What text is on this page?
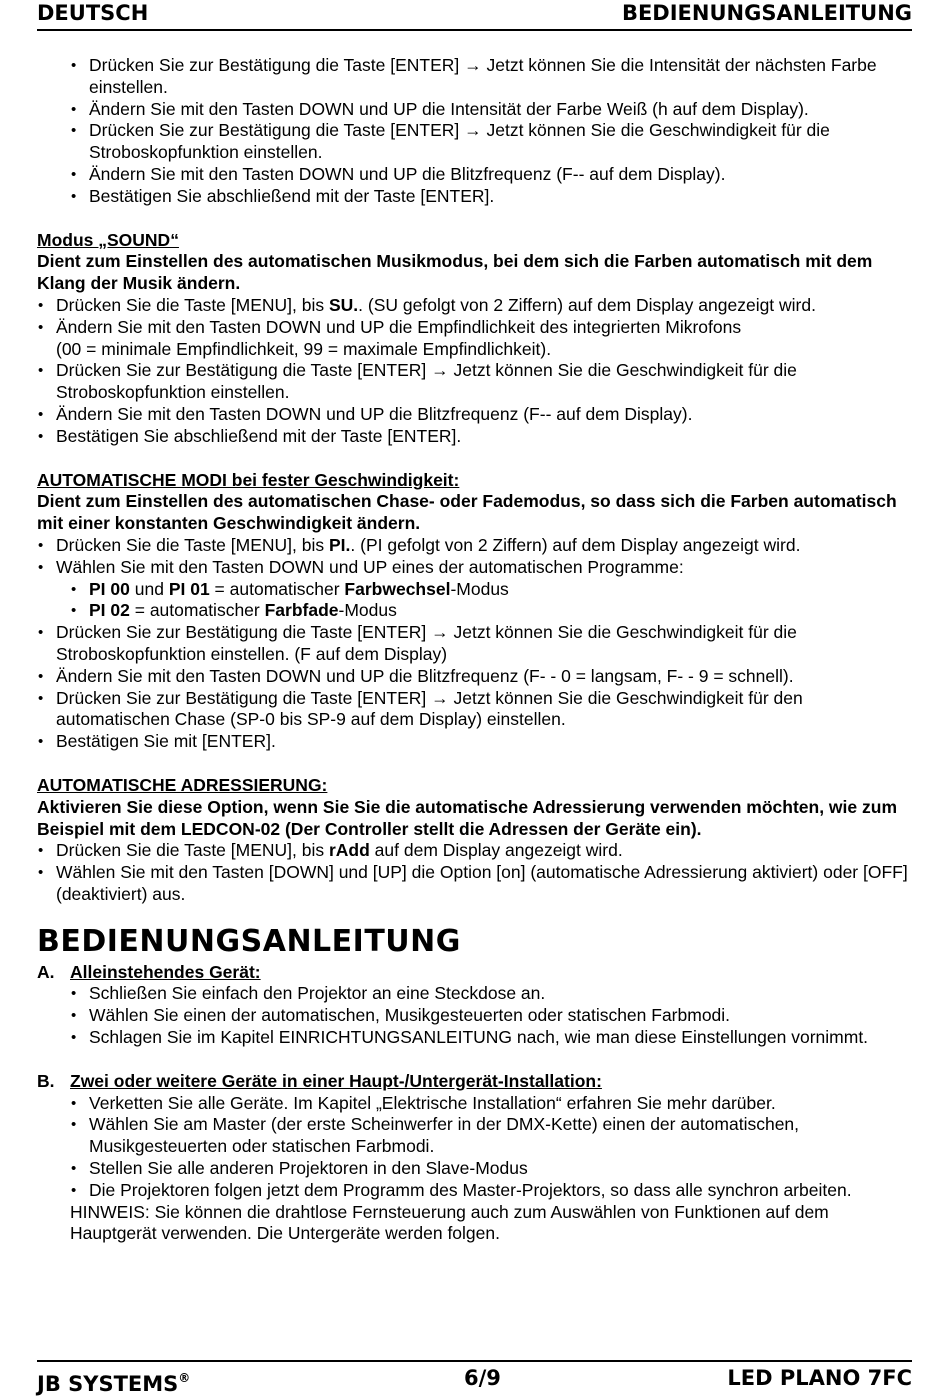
DEUTSCH	BEDIENUNGSANLEITUNG
• Drücken Sie zur Bestätigung die Taste [ENTER] → Jetzt können Sie die Intensität der nächsten Farbe einstellen.
• Ändern Sie mit den Tasten DOWN und UP die Intensität der Farbe Weiß (h auf dem Display).
• Drücken Sie zur Bestätigung die Taste [ENTER] → Jetzt können Sie die Geschwindigkeit für die Stroboskopfunktion einstellen.
• Ändern Sie mit den Tasten DOWN und UP die Blitzfrequenz (F-- auf dem Display).
• Bestätigen Sie abschließend mit der Taste [ENTER].
Modus „SOUND“
Dient zum Einstellen des automatischen Musikmodus, bei dem sich die Farben automatisch mit dem Klang der Musik ändern.
• Drücken Sie die Taste [MENU], bis SU.. (SU gefolgt von 2 Ziffern) auf dem Display angezeigt wird.
• Ändern Sie mit den Tasten DOWN und UP die Empfindlichkeit des integrierten Mikrofons
(00 = minimale Empfindlichkeit, 99 = maximale Empfindlichkeit).
• Drücken Sie zur Bestätigung die Taste [ENTER] → Jetzt können Sie die Geschwindigkeit für die Stroboskopfunktion einstellen.
• Ändern Sie mit den Tasten DOWN und UP die Blitzfrequenz (F-- auf dem Display).
• Bestätigen Sie abschließend mit der Taste [ENTER].
AUTOMATISCHE MODI bei fester Geschwindigkeit:
Dient zum Einstellen des automatischen Chase- oder Fademodus, so dass sich die Farben automatisch mit einer konstanten Geschwindigkeit ändern.
• Drücken Sie die Taste [MENU], bis PI.. (PI gefolgt von 2 Ziffern) auf dem Display angezeigt wird.
• Wählen Sie mit den Tasten DOWN und UP eines der automatischen Programme:
• PI 00 und PI 01 = automatischer Farbwechsel-Modus
• PI 02 = automatischer Farbfade-Modus
• Drücken Sie zur Bestätigung die Taste [ENTER] → Jetzt können Sie die Geschwindigkeit für die Stroboskopfunktion einstellen. (F auf dem Display)
• Ändern Sie mit den Tasten DOWN und UP die Blitzfrequenz (F- - 0 = langsam, F- - 9 = schnell).
• Drücken Sie zur Bestätigung die Taste [ENTER] → Jetzt können Sie die Geschwindigkeit für den automatischen Chase (SP-0 bis SP-9 auf dem Display) einstellen.
• Bestätigen Sie mit [ENTER].
AUTOMATISCHE ADRESSIERUNG:
Aktivieren Sie diese Option, wenn Sie Sie die automatische Adressierung verwenden möchten, wie zum Beispiel mit dem LEDCON-02 (Der Controller stellt die Adressen der Geräte ein).
• Drücken Sie die Taste [MENU], bis rAdd auf dem Display angezeigt wird.
• Wählen Sie mit den Tasten [DOWN] und [UP] die Option [on] (automatische Adressierung aktiviert) oder [OFF] (deaktiviert) aus.
BEDIENUNGSANLEITUNG
A. Alleinstehendes Gerät:
• Schließen Sie einfach den Projektor an eine Steckdose an.
• Wählen Sie einen der automatischen, Musikgesteuerten oder statischen Farbmodi.
• Schlagen Sie im Kapitel EINRICHTUNGSANLEITUNG nach, wie man diese Einstellungen vornimmt.
B. Zwei oder weitere Geräte in einer Haupt-/Untergerät-Installation:
• Verketten Sie alle Geräte. Im Kapitel „Elektrische Installation“ erfahren Sie mehr darüber.
• Wählen Sie am Master (der erste Scheinwerfer in der DMX-Kette) einen der automatischen, Musikgesteuerten oder statischen Farbmodi.
• Stellen Sie alle anderen Projektoren in den Slave-Modus
• Die Projektoren folgen jetzt dem Programm des Master-Projektors, so dass alle synchron arbeiten.
HINWEIS: Sie können die drahtlose Fernsteuerung auch zum Auswählen von Funktionen auf dem Hauptgerät verwenden. Die Untergeräte werden folgen.
JB SYSTEMS®	6/9	LED PLANO 7FC
